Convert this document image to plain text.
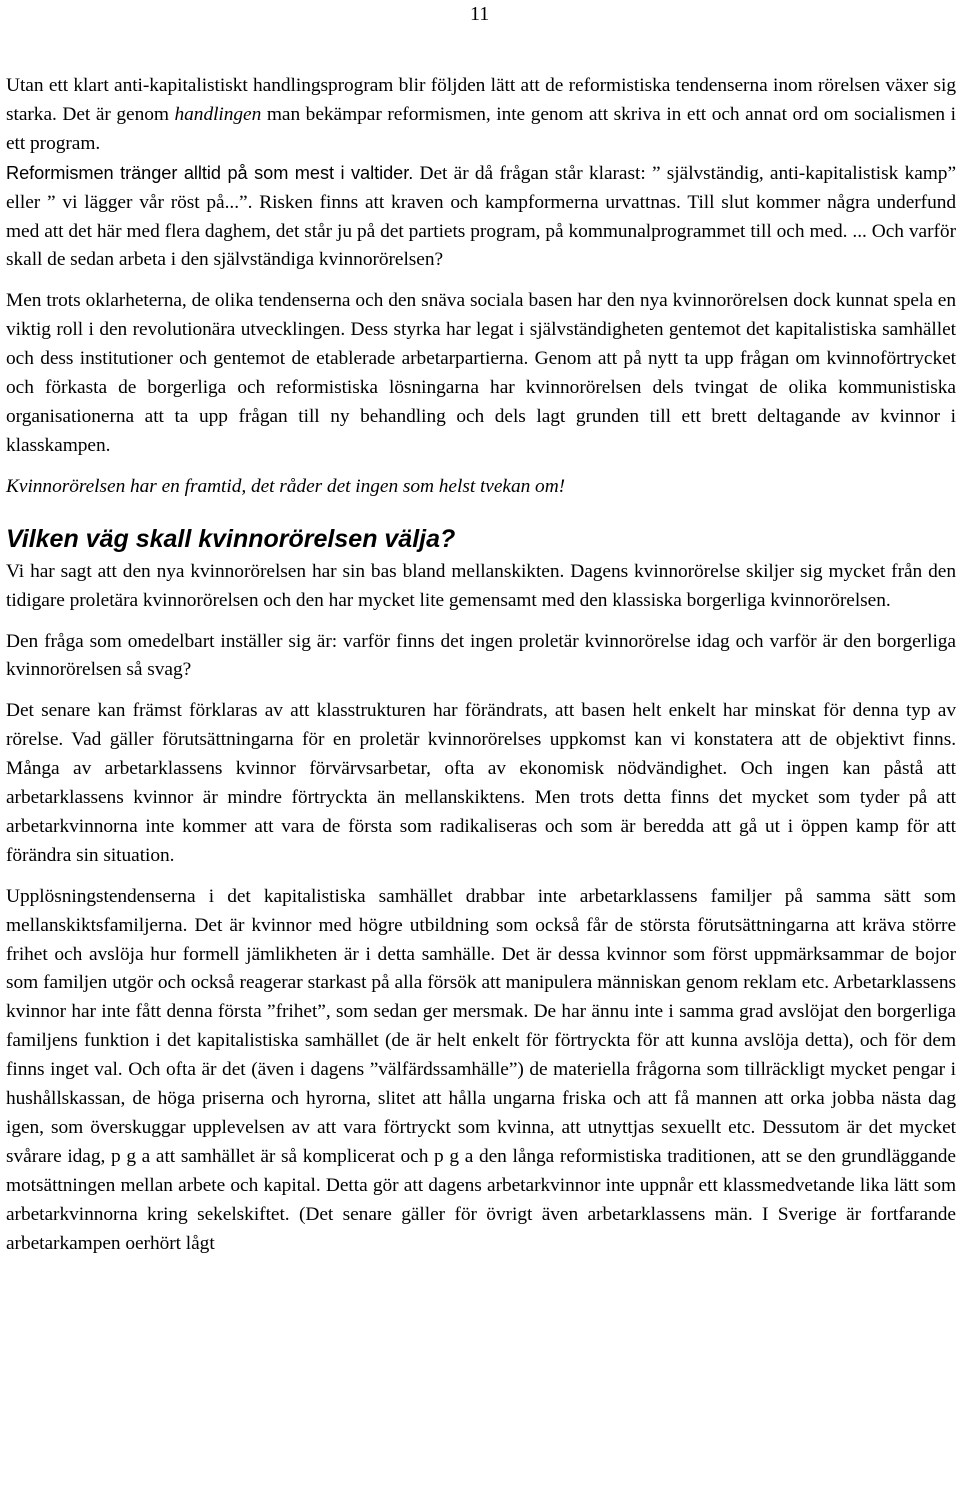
11

Utan ett klart anti-kapitalistiskt handlingsprogram blir följden lätt att de reformistiska tendenserna inom rörelsen växer sig starka. Det är genom handlingen man bekämpar reformismen, inte genom att skriva in ett och annat ord om socialismen i ett program.
Reformismen tränger alltid på som mest i valtider. Det är då frågan står klarast: ” självständig, anti-kapitalistisk kamp” eller ” vi lägger vår röst på...”. Risken finns att kraven och kampformerna urvattnas. Till slut kommer några underfund med att det här med flera daghem, det står ju på det partiets program, på kommunalprogrammet till och med. ... Och varför skall de sedan arbeta i den självständiga kvinnorörelsen?

Men trots oklarheterna, de olika tendenserna och den snäva sociala basen har den nya kvinnorörelsen dock kunnat spela en viktig roll i den revolutionära utvecklingen. Dess styrka har legat i självständigheten gentemot det kapitalistiska samhället och dess institutioner och gentemot de etablerade arbetarpartierna. Genom att på nytt ta upp frågan om kvinnoförtrycket och förkasta de borgerliga och reformistiska lösningarna har kvinnorörelsen dels tvingat de olika kommunistiska organisationerna att ta upp frågan till ny behandling och dels lagt grunden till ett brett deltagande av kvinnor i klasskampen.

Kvinnorörelsen har en framtid, det råder det ingen som helst tvekan om!

Vilken väg skall kvinnorörelsen välja?

Vi har sagt att den nya kvinnorörelsen har sin bas bland mellanskikten. Dagens kvinnorörelse skiljer sig mycket från den tidigare proletära kvinnorörelsen och den har mycket lite gemensamt med den klassiska borgerliga kvinnorörelsen.

Den fråga som omedelbart inställer sig är: varför finns det ingen proletär kvinnorörelse idag och varför är den borgerliga kvinnorörelsen så svag?

Det senare kan främst förklaras av att klasstrukturen har förändrats, att basen helt enkelt har minskat för denna typ av rörelse. Vad gäller förutsättningarna för en proletär kvinnorörelses uppkomst kan vi konstatera att de objektivt finns. Många av arbetarklassens kvinnor förvärvsarbetar, ofta av ekonomisk nödvändighet. Och ingen kan påstå att arbetarklassens kvinnor är mindre förtryckta än mellanskiktens. Men trots detta finns det mycket som tyder på att arbetarkvinnorna inte kommer att vara de första som radikaliseras och som är beredda att gå ut i öppen kamp för att förändra sin situation.

Upplösningstendenserna i det kapitalistiska samhället drabbar inte arbetarklassens familjer på samma sätt som mellanskiktsfamiljerna. Det är kvinnor med högre utbildning som också får de största förutsättningarna att kräva större frihet och avslöja hur formell jämlikheten är i detta samhälle. Det är dessa kvinnor som först uppmärksammar de bojor som familjen utgör och också reagerar starkast på alla försök att manipulera människan genom reklam etc. Arbetarklassens kvinnor har inte fått denna första ”frihet”, som sedan ger mersmak. De har ännu inte i samma grad avslöjat den borgerliga familjens funktion i det kapitalistiska samhället (de är helt enkelt för förtryckta för att kunna avslöja detta), och för dem finns inget val. Och ofta är det (även i dagens ”välfärdssamhälle”) de materiella frågorna som tillräckligt mycket pengar i hushållskassan, de höga priserna och hyrorna, slitet att hålla ungarna friska och att få mannen att orka jobba nästa dag igen, som överskuggar upplevelsen av att vara förtryckt som kvinna, att utnyttjas sexuellt etc. Dessutom är det mycket svårare idag, p g a att samhället är så komplicerat och p g a den långa reformistiska traditionen, att se den grundläggande motsättningen mellan arbete och kapital. Detta gör att dagens arbetarkvinnor inte uppnår ett klassmedvetande lika lätt som arbetarkvinnorna kring sekelskiftet. (Det senare gäller för övrigt även arbetarklassens män. I Sverige är fortfarande arbetarkampen oerhört lågt
